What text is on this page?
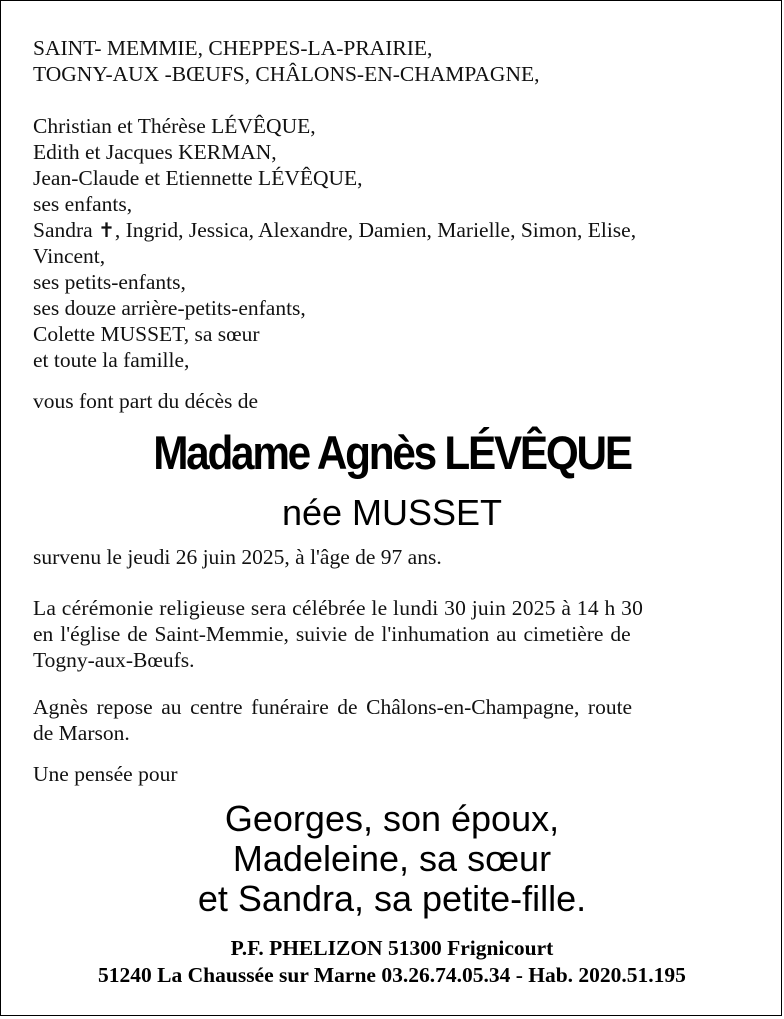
SAINT- MEMMIE, CHEPPES-LA-PRAIRIE,
TOGNY-AUX -BŒUFS, CHÂLONS-EN-CHAMPAGNE,
Christian et Thérèse LÉVÊQUE,
Edith et Jacques KERMAN,
Jean-Claude et Etiennette LÉVÊQUE,
ses enfants,
Sandra ✝, Ingrid, Jessica, Alexandre, Damien, Marielle, Simon, Elise,
Vincent,
ses petits-enfants,
ses douze arrière-petits-enfants,
Colette MUSSET, sa sœur
et toute la famille,
vous font part du décès de
Madame Agnès LÉVÊQUE
née MUSSET
survenu le jeudi 26 juin 2025, à l'âge de 97 ans.
La cérémonie religieuse sera célébrée le lundi 30 juin 2025 à 14 h 30
en l'église de Saint-Memmie, suivie de l'inhumation au cimetière de
Togny-aux-Bœufs.
Agnès repose au centre funéraire de Châlons-en-Champagne, route
de Marson.
Une pensée pour
Georges, son époux,
Madeleine, sa sœur
et Sandra, sa petite-fille.
P.F. PHELIZON 51300 Frignicourt
51240 La Chaussée sur Marne 03.26.74.05.34 - Hab. 2020.51.195
